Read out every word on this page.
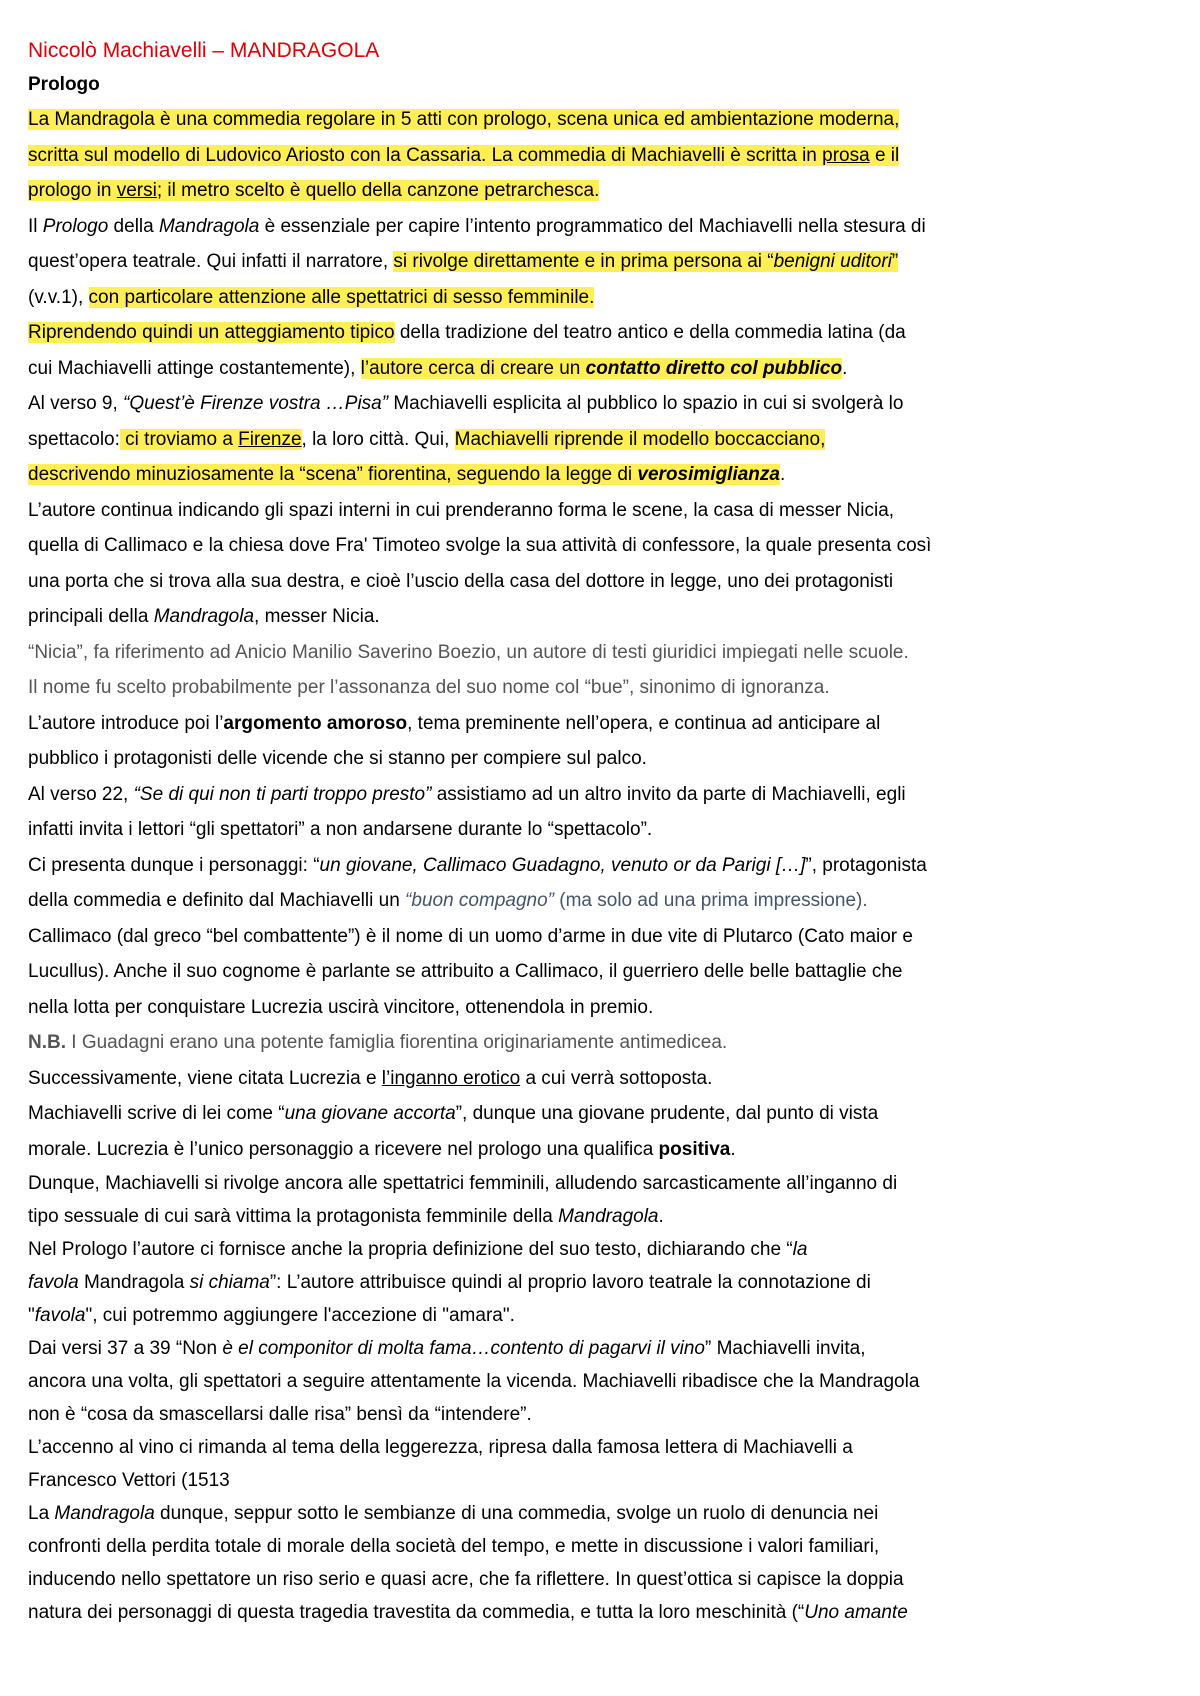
Niccolò Machiavelli – MANDRAGOLA
Prologo
La Mandragola è una commedia regolare in 5 atti con prologo, scena unica ed ambientazione moderna,
scritta sul modello di Ludovico Ariosto con la Cassaria. La commedia di Machiavelli è scritta in prosa e il
prologo in versi; il metro scelto è quello della canzone petrarchesca.
Il Prologo della Mandragola è essenziale per capire l’intento programmatico del Machiavelli nella stesura di
quest’opera teatrale. Qui infatti il narratore, si rivolge direttamente e in prima persona ai “benigni uditori”
(v.v.1), con particolare attenzione alle spettatrici di sesso femminile.
Riprendendo quindi un atteggiamento tipico della tradizione del teatro antico e della commedia latina (da
cui Machiavelli attinge costantemente), l’autore cerca di creare un contatto diretto col pubblico.
Al verso 9, “Quest’è Firenze vostra …Pisa” Machiavelli esplicita al pubblico lo spazio in cui si svolgerà lo
spettacolo: ci troviamo a Firenze, la loro città. Qui, Machiavelli riprende il modello boccacciano,
descrivendo minuziosamente la “scena” fiorentina, seguendo la legge di verosimiglianza.
L’autore continua indicando gli spazi interni in cui prenderanno forma le scene, la casa di messer Nicia,
quella di Callimaco e la chiesa dove Fra' Timoteo svolge la sua attività di confessore, la quale presenta così
una porta che si trova alla sua destra, e cioè l’uscio della casa del dottore in legge, uno dei protagonisti
principali della Mandragola, messer Nicia.
“Nicia”, fa riferimento ad Anicio Manilio Saverino Boezio, un autore di testi giuridici impiegati nelle scuole.
Il nome fu scelto probabilmente per l’assonanza del suo nome col “bue”, sinonimo di ignoranza.
L’autore introduce poi l’argomento amoroso, tema preminente nell’opera, e continua ad anticipare al
pubblico i protagonisti delle vicende che si stanno per compiere sul palco.
Al verso 22, “Se di qui non ti parti troppo presto” assistiamo ad un altro invito da parte di Machiavelli, egli
infatti invita i lettori “gli spettatori” a non andarsene durante lo “spettacolo”.
Ci presenta dunque i personaggi: “un giovane, Callimaco Guadagno, venuto or da Parigi […]”, protagonista
della commedia e definito dal Machiavelli un “buon compagno” (ma solo ad una prima impressione).
Callimaco (dal greco “bel combattente”) è il nome di un uomo d’arme in due vite di Plutarco (Cato maior e
Lucullus). Anche il suo cognome è parlante se attribuito a Callimaco, il guerriero delle belle battaglie che
nella lotta per conquistare Lucrezia uscirà vincitore, ottenendola in premio.
N.B. I Guadagni erano una potente famiglia fiorentina originariamente antimedicea.
Successivamente, viene citata Lucrezia e l’inganno erotico a cui verrà sottoposta.
Machiavelli scrive di lei come “una giovane accorta”, dunque una giovane prudente, dal punto di vista
morale. Lucrezia è l’unico personaggio a ricevere nel prologo una qualifica positiva.
Dunque, Machiavelli si rivolge ancora alle spettatrici femminili, alludendo sarcasticamente all’inganno di
tipo sessuale di cui sarà vittima la protagonista femminile della Mandragola.
Nel Prologo l’autore ci fornisce anche la propria definizione del suo testo, dichiarando che “la
favola Mandragola si chiama”: L’autore attribuisce quindi al proprio lavoro teatrale la connotazione di
"favola", cui potremmo aggiungere l'accezione di "amara".
Dai versi 37 a 39 “Non è el componitor di molta fama…contento di pagarvi il vino” Machiavelli invita,
ancora una volta, gli spettatori a seguire attentamente la vicenda. Machiavelli ribadisce che la Mandragola
non è “cosa da smascellarsi dalle risa” bensì da “intendere”.
L’accenno al vino ci rimanda al tema della leggerezza, ripresa dalla famosa lettera di Machiavelli a
Francesco Vettori (1513
La Mandragola dunque, seppur sotto le sembianze di una commedia, svolge un ruolo di denuncia nei
confronti della perdita totale di morale della società del tempo, e mette in discussione i valori familiari,
inducendo nello spettatore un riso serio e quasi acre, che fa riflettere. In quest’ottica si capisce la doppia
natura dei personaggi di questa tragedia travestita da commedia, e tutta la loro meschinità (“Uno amante
